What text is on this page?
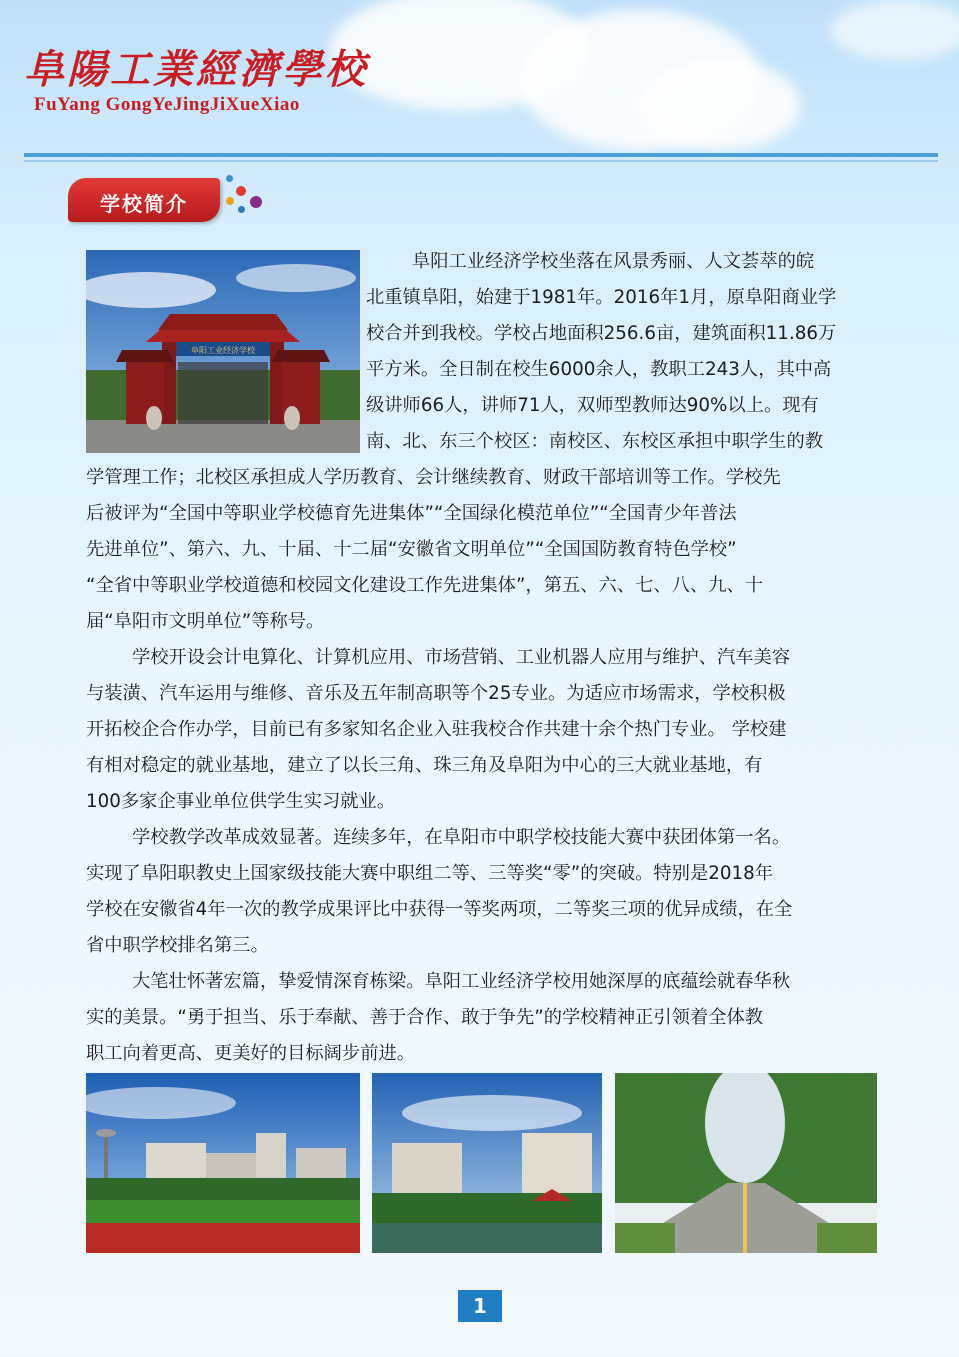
阜陽工業經濟學校
FuYang GongYeJingJiXueXiao
学校简介
阜阳工业经济学校
阜阳工业经济学校坐落在风景秀丽、人文荟萃的皖
北重镇阜阳，始建于1981年。2016年1月，原阜阳商业学
校合并到我校。学校占地面积256.6亩，建筑面积11.86万
平方米。全日制在校生6000余人，教职工243人，其中高
级讲师66人，讲师71人，双师型教师达90%以上。现有
南、北、东三个校区：南校区、东校区承担中职学生的教
学管理工作；北校区承担成人学历教育、会计继续教育、财政干部培训等工作。学校先
后被评为“全国中等职业学校德育先进集体”“全国绿化模范单位”“全国青少年普法
先进单位”、第六、九、十届、十二届“安徽省文明单位”“全国国防教育特色学校”
“全省中等职业学校道德和校园文化建设工作先进集体”，第五、六、七、八、九、十
届“阜阳市文明单位”等称号。
学校开设会计电算化、计算机应用、市场营销、工业机器人应用与维护、汽车美容
与装潢、汽车运用与维修、音乐及五年制高职等个25专业。为适应市场需求，学校积极
开拓校企合作办学，目前已有多家知名企业入驻我校合作共建十余个热门专业。 学校建
有相对稳定的就业基地，建立了以长三角、珠三角及阜阳为中心的三大就业基地，有
100多家企事业单位供学生实习就业。
学校教学改革成效显著。连续多年，在阜阳市中职学校技能大赛中获团体第一名。
实现了阜阳职教史上国家级技能大赛中职组二等、三等奖“零”的突破。特别是2018年
学校在安徽省4年一次的教学成果评比中获得一等奖两项，二等奖三项的优异成绩，在全
省中职学校排名第三。
大笔壮怀著宏篇，挚爱情深育栋梁。阜阳工业经济学校用她深厚的底蕴绘就春华秋
实的美景。“勇于担当、乐于奉献、善于合作、敢于争先”的学校精神正引领着全体教
职工向着更高、更美好的目标阔步前进。
1
